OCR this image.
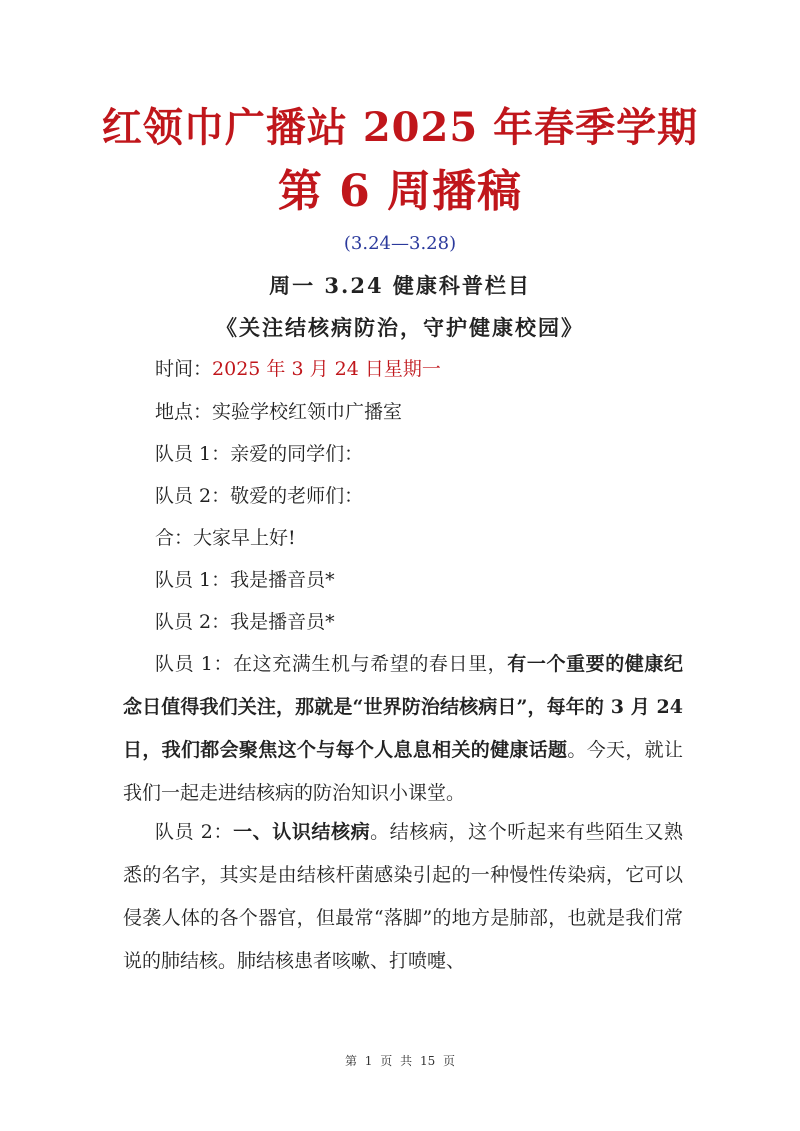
红领巾广播站 2025 年春季学期
第 6 周播稿
(3.24—3.28)
周一 3.24 健康科普栏目
《关注结核病防治，守护健康校园》
时间：2025 年 3 月 24 日星期一
地点：实验学校红领巾广播室
队员 1：亲爱的同学们：
队员 2：敬爱的老师们：
合：大家早上好!
队员 1：我是播音员*
队员 2：我是播音员*
队员 1：在这充满生机与希望的春日里，有一个重要的健康纪念日值得我们关注，那就是“世界防治结核病日”，每年的 3 月 24 日，我们都会聚焦这个与每个人息息相关的健康话题。今天，就让我们一起走进结核病的防治知识小课堂。
队员 2：一、认识结核病。结核病，这个听起来有些陌生又熟悉的名字，其实是由结核杆菌感染引起的一种慢性传染病，它可以侵袭人体的各个器官，但最常“落脚”的地方是肺部，也就是我们常说的肺结核。肺结核患者咳嗽、打喷嚏、
第 1 页 共 15 页
